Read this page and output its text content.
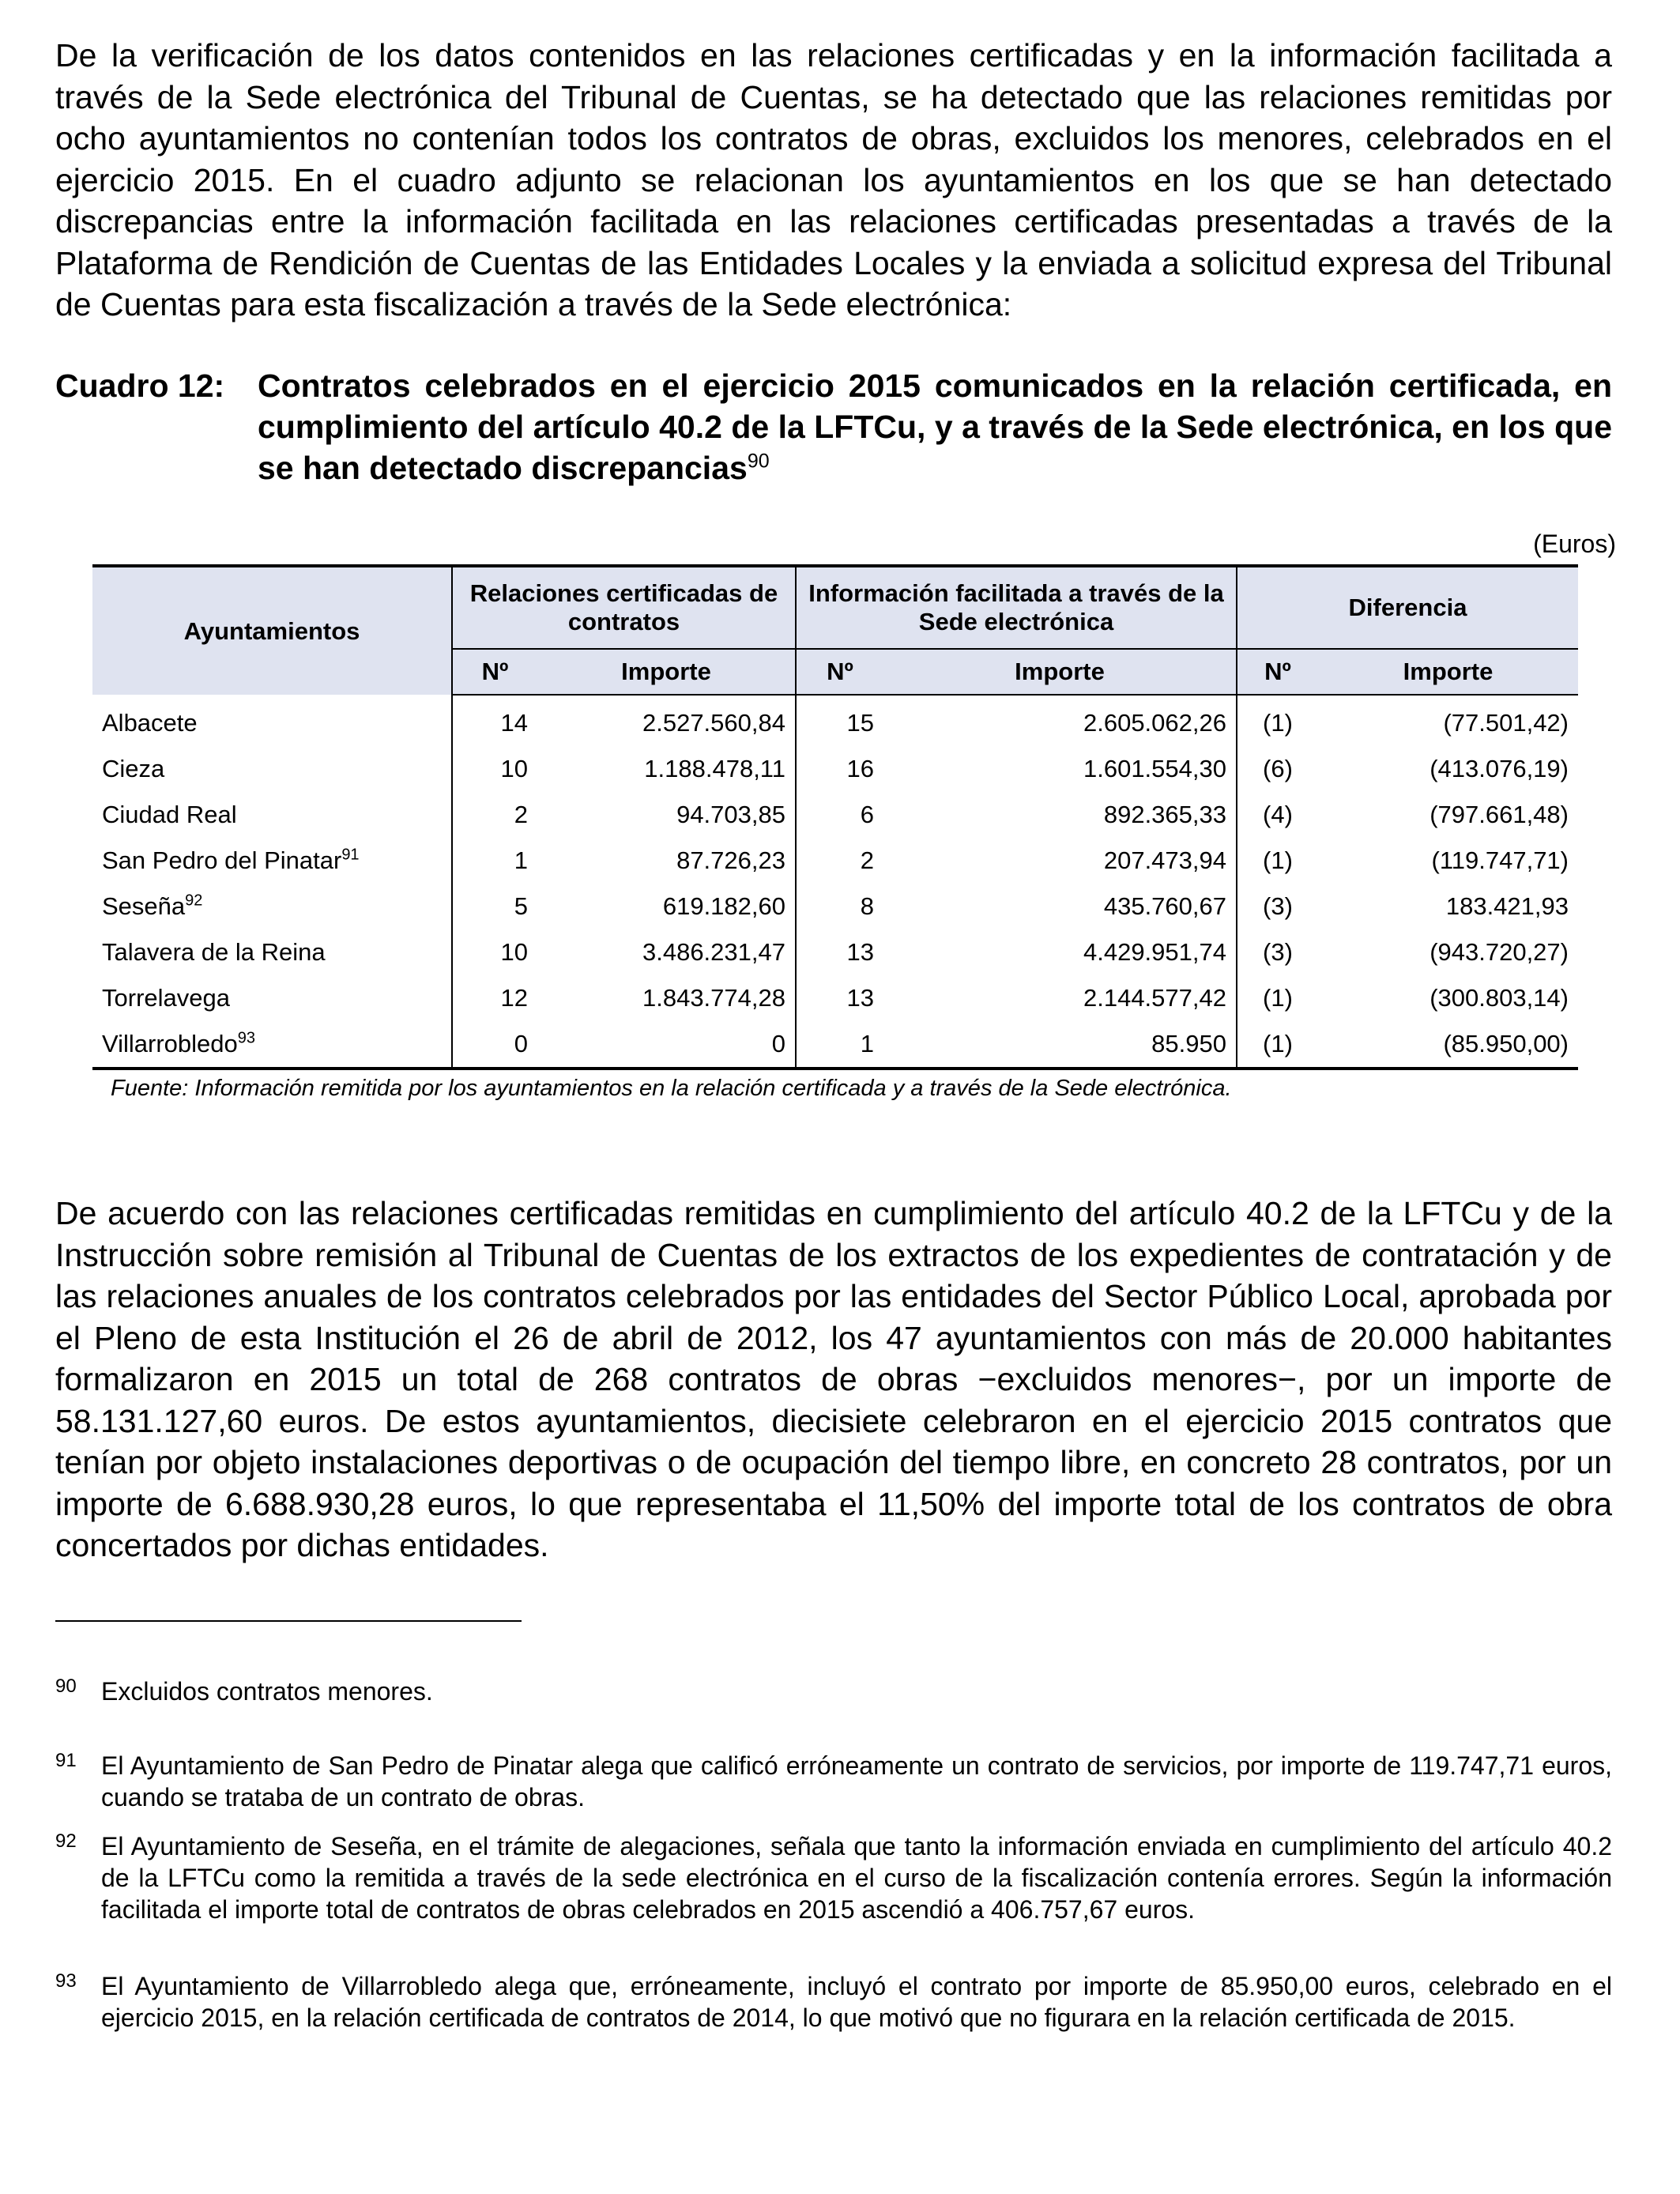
De la verificación de los datos contenidos en las relaciones certificadas y en la información facilitada a través de la Sede electrónica del Tribunal de Cuentas, se ha detectado que las relaciones remitidas por ocho ayuntamientos no contenían todos los contratos de obras, excluidos los menores, celebrados en el ejercicio 2015. En el cuadro adjunto se relacionan los ayuntamientos en los que se han detectado discrepancias entre la información facilitada en las relaciones certificadas presentadas a través de la Plataforma de Rendición de Cuentas de las Entidades Locales y la enviada a solicitud expresa del Tribunal de Cuentas para esta fiscalización a través de la Sede electrónica:

Cuadro 12:	Contratos celebrados en el ejercicio 2015 comunicados en la relación certificada, en cumplimiento del artículo 40.2 de la LFTCu, y a través de la Sede electrónica, en los que se han detectado discrepancias$^{90}$
(Euros)
Ayuntamientos	Relaciones certificadas de contratos		Información facilitada a través de la Sede electrónica		Diferencia	
	Nº	Importe	Nº	Importe	Nº	Importe
Albacete	14	2.527.560,84	15	2.605.062,26	(1)	(77.501,42)
Cieza	10	1.188.478,11	16	1.601.554,30	(6)	(413.076,19)
Ciudad Real	2	94.703,85	6	892.365,33	(4)	(797.661,48)
San Pedro del Pinatar$^{91}$	1	87.726,23	2	207.473,94	(1)	(119.747,71)
Seseña$^{92}$	5	619.182,60	8	435.760,67	(3)	183.421,93
Talavera de la Reina	10	3.486.231,47	13	4.429.951,74	(3)	(943.720,27)
Torrelavega	12	1.843.774,28	13	2.144.577,42	(1)	(300.803,14)
Villarrobledo$^{93}$	0	0	1	85.950	(1)	(85.950,00)
Fuente: Información remitida por los ayuntamientos en la relación certificada y a través de la Sede electrónica.

De acuerdo con las relaciones certificadas remitidas en cumplimiento del artículo 40.2 de la LFTCu y de la Instrucción sobre remisión al Tribunal de Cuentas de los extractos de los expedientes de contratación y de las relaciones anuales de los contratos celebrados por las entidades del Sector Público Local, aprobada por el Pleno de esta Institución el 26 de abril de 2012, los 47 ayuntamientos con más de 20.000 habitantes formalizaron en 2015 un total de 268 contratos de obras −excluidos menores−, por un importe de 58.131.127,60 euros. De estos ayuntamientos, diecisiete celebraron en el ejercicio 2015 contratos que tenían por objeto instalaciones deportivas o de ocupación del tiempo libre, en concreto 28 contratos, por un importe de 6.688.930,28 euros, lo que representaba el 11,50% del importe total de los contratos de obra concertados por dichas entidades.

90 Excluidos contratos menores.
91 El Ayuntamiento de San Pedro de Pinatar alega que calificó erróneamente un contrato de servicios, por importe de 119.747,71 euros, cuando se trataba de un contrato de obras.
92 El Ayuntamiento de Seseña, en el trámite de alegaciones, señala que tanto la información enviada en cumplimiento del artículo 40.2 de la LFTCu como la remitida a través de la sede electrónica en el curso de la fiscalización contenía errores. Según la información facilitada el importe total de contratos de obras celebrados en 2015 ascendió a 406.757,67 euros.
93 El Ayuntamiento de Villarrobledo alega que, erróneamente, incluyó el contrato por importe de 85.950,00 euros, celebrado en el ejercicio 2015, en la relación certificada de contratos de 2014, lo que motivó que no figurara en la relación certificada de 2015.
